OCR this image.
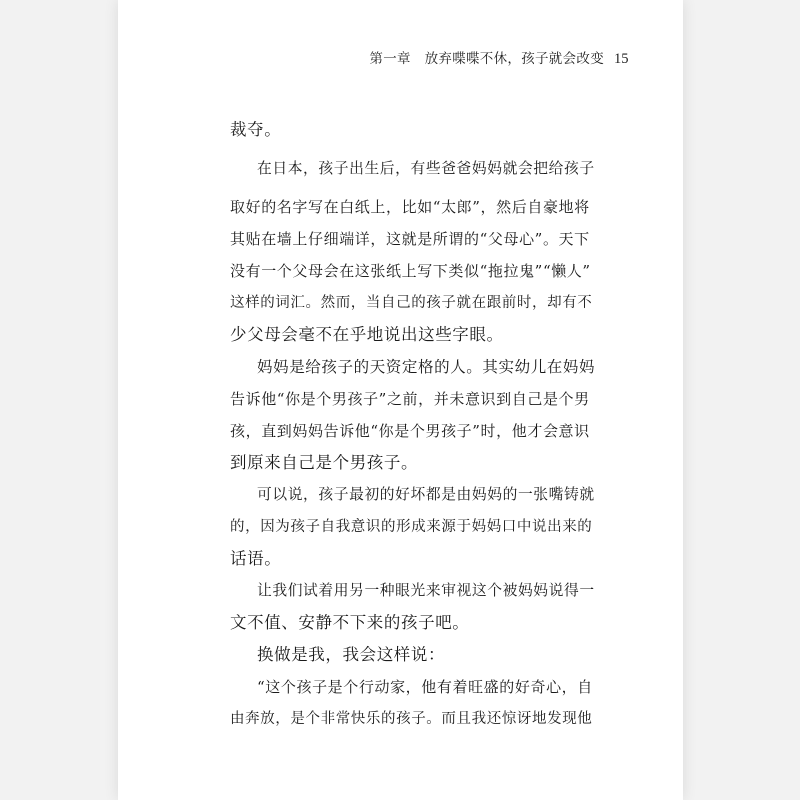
第一章　放弃喋喋不休，孩子就会改变 15
裁夺。
在日本，孩子出生后，有些爸爸妈妈就会把给孩子
取好的名字写在白纸上，比如“太郎”，然后自豪地将
其贴在墙上仔细端详，这就是所谓的“父母心”。天下
没有一个父母会在这张纸上写下类似“拖拉鬼”“懒人”
这样的词汇。然而，当自己的孩子就在跟前时，却有不
少父母会毫不在乎地说出这些字眼。
妈妈是给孩子的天资定格的人。其实幼儿在妈妈
告诉他“你是个男孩子”之前，并未意识到自己是个男
孩，直到妈妈告诉他“你是个男孩子”时，他才会意识
到原来自己是个男孩子。
可以说，孩子最初的好坏都是由妈妈的一张嘴铸就
的，因为孩子自我意识的形成来源于妈妈口中说出来的
话语。
让我们试着用另一种眼光来审视这个被妈妈说得一
文不值、安静不下来的孩子吧。
换做是我，我会这样说：
“这个孩子是个行动家，他有着旺盛的好奇心，自
由奔放，是个非常快乐的孩子。而且我还惊讶地发现他
